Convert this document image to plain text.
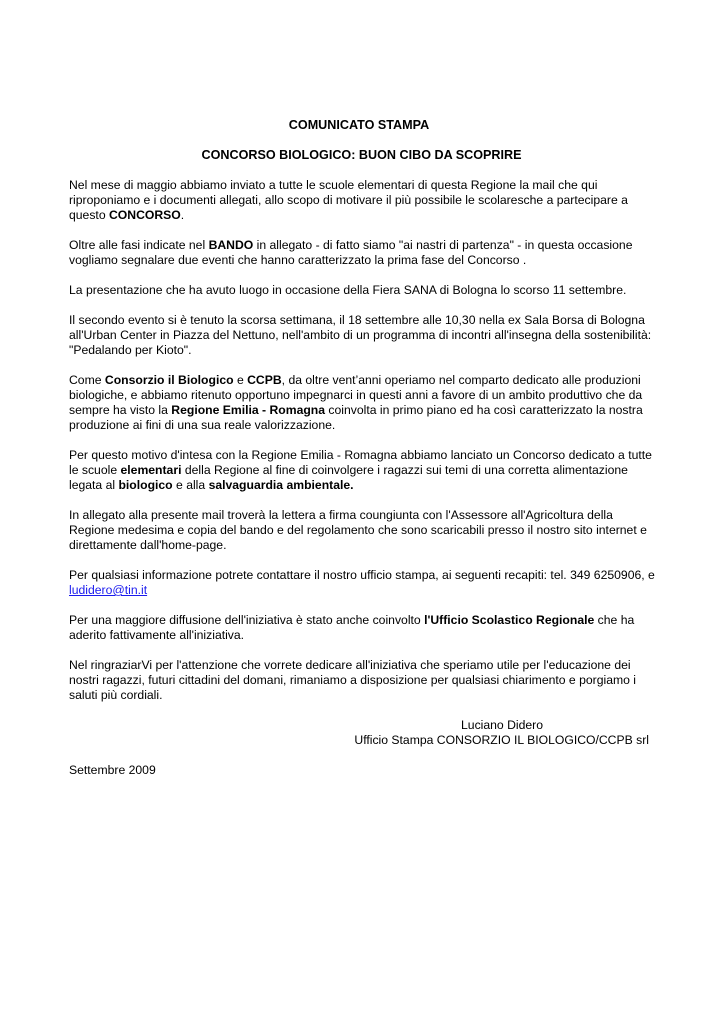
COMUNICATO STAMPA

CONCORSO BIOLOGICO: BUON CIBO DA SCOPRIRE

Nel mese di maggio abbiamo inviato a tutte le scuole elementari di questa Regione la mail che qui riproponiamo e i documenti allegati, allo scopo di motivare il più possibile le scolaresche a partecipare a questo CONCORSO.

Oltre alle fasi indicate nel BANDO in allegato - di fatto siamo "ai nastri di partenza" - in questa occasione vogliamo segnalare due eventi che hanno caratterizzato la prima fase del Concorso .

La presentazione che ha avuto luogo in occasione della Fiera SANA di Bologna lo scorso 11 settembre.

Il secondo evento si è tenuto la scorsa settimana, il 18 settembre alle 10,30 nella ex Sala Borsa di Bologna all'Urban Center in Piazza del Nettuno, nell'ambito di un programma di incontri all'insegna della sostenibilità: "Pedalando per Kioto".

Come Consorzio il Biologico e CCPB, da oltre vent’anni operiamo nel comparto dedicato alle produzioni biologiche, e abbiamo ritenuto opportuno impegnarci in questi anni a favore di un ambito produttivo che da sempre ha visto la Regione Emilia - Romagna coinvolta in primo piano ed ha così caratterizzato la nostra produzione ai fini di una sua reale valorizzazione.

Per questo motivo d'intesa con la Regione Emilia - Romagna abbiamo lanciato un Concorso dedicato a tutte le scuole elementari della Regione al fine di coinvolgere i ragazzi sui temi di una corretta alimentazione legata al biologico e alla salvaguardia ambientale.

In allegato alla presente mail troverà la lettera a firma coungiunta con l'Assessore all'Agricoltura della Regione medesima e copia del bando e del regolamento che sono scaricabili presso il nostro sito internet e direttamente dall'home-page.

Per qualsiasi informazione potrete contattare il nostro ufficio stampa, ai seguenti recapiti: tel. 349 6250906, e ludidero@tin.it

Per una maggiore diffusione dell'iniziativa è stato anche coinvolto l'Ufficio Scolastico Regionale che ha aderito fattivamente all'iniziativa.

Nel ringraziarVi per l'attenzione che vorrete dedicare all'iniziativa che speriamo utile per l'educazione dei nostri ragazzi, futuri cittadini del domani, rimaniamo a disposizione per qualsiasi chiarimento e porgiamo i saluti più cordiali.

Luciano Didero
Ufficio Stampa CONSORZIO IL BIOLOGICO/CCPB srl

Settembre 2009
